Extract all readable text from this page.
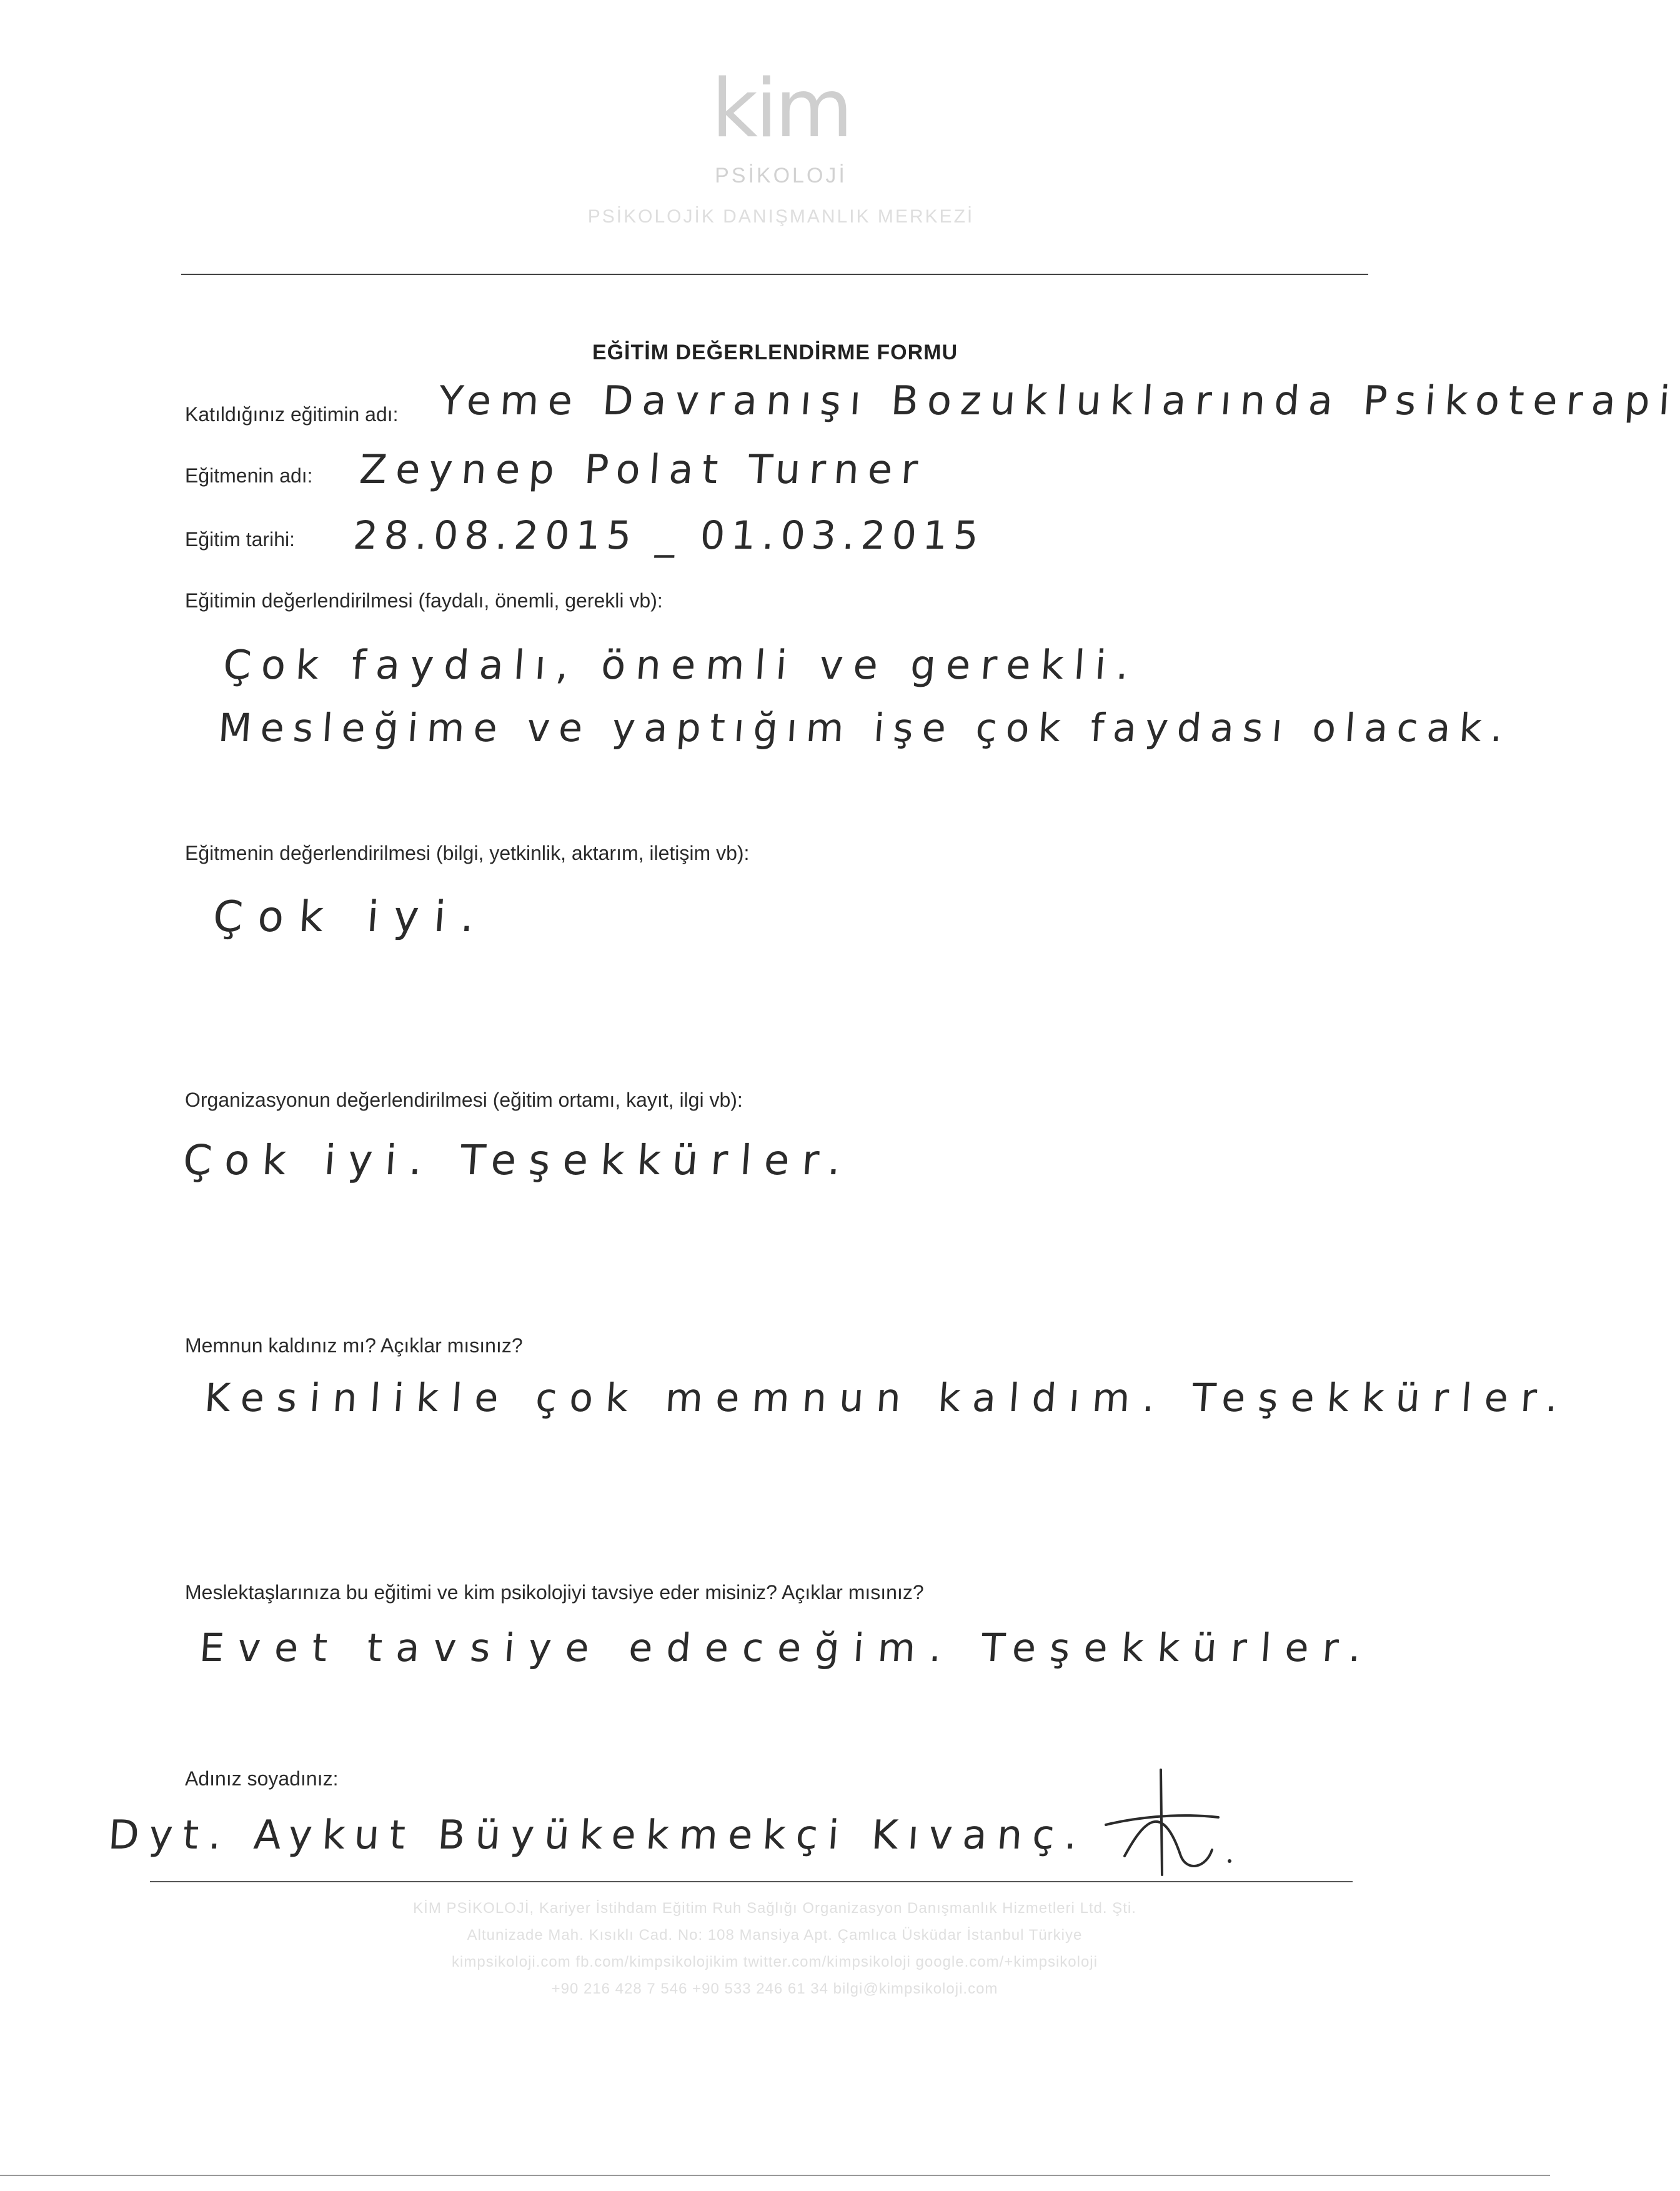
kim
PSİKOLOJİ
PSİKOLOJİK DANIŞMANLIK MERKEZİ
EĞİTİM DEĞERLENDİRME FORMU
Katıldığınız eğitimin adı: Yeme Davranışı Bozukluklarında Psikoterapi
Eğitmenin adı: Zeynep Polat Turner
Eğitim tarihi: 28.08.2015 _ 01.03.2015
Eğitimin değerlendirilmesi (faydalı, önemli, gerekli vb):
Çok faydalı, önemli ve gerekli.
Mesleğime ve yaptığım işe çok faydası olacak.
Eğitmenin değerlendirilmesi (bilgi, yetkinlik, aktarım, iletişim vb):
Çok iyi.
Organizasyonun değerlendirilmesi (eğitim ortamı, kayıt, ilgi vb):
Çok iyi. Teşekkürler.
Memnun kaldınız mı? Açıklar mısınız?
Kesinlikle çok memnun kaldım. Teşekkürler.
Meslektaşlarınıza bu eğitimi ve kim psikolojiyi tavsiye eder misiniz? Açıklar mısınız?
Evet tavsiye edeceğim. Teşekkürler.
Adınız soyadınız:
Dyt. Aykut Büyükekmekçi Kıvanç.
KİM PSİKOLOJİ, Kariyer İstihdam Eğitim Ruh Sağlığı Organizasyon Danışmanlık Hizmetleri Ltd. Şti.
Altunizade Mah. Kısıklı Cad. No: 108 Mansiya Apt. Çamlıca Üsküdar İstanbul Türkiye
kimpsikoloji.com fb.com/kimpsikolojikim twitter.com/kimpsikoloji google.com/+kimpsikoloji
+90 216 428 7 546 +90 533 246 61 34 bilgi@kimpsikoloji.com
